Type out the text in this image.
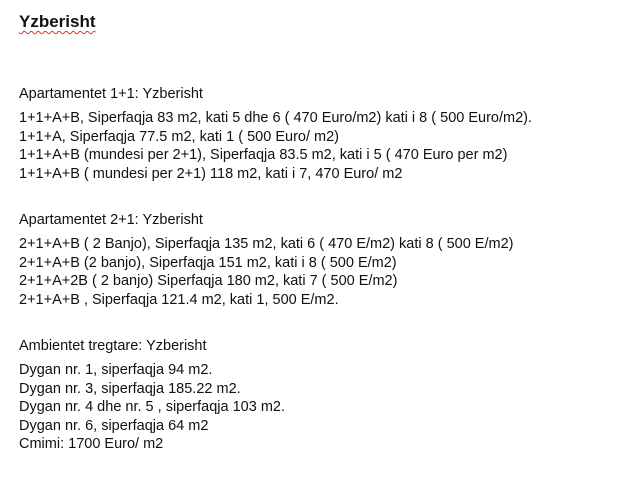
Yzberisht

Apartamentet 1+1: Yzberisht

1+1+A+B, Siperfaqja 83 m2, kati 5 dhe 6 ( 470 Euro/m2) kati i 8 ( 500 Euro/m2).

1+1+A, Siperfaqja 77.5 m2, kati 1 ( 500 Euro/ m2)

1+1+A+B (mundesi per 2+1), Siperfaqja 83.5 m2, kati i 5 ( 470 Euro per m2)

1+1+A+B ( mundesi per 2+1) 118 m2, kati i 7, 470 Euro/ m2

Apartamentet 2+1: Yzberisht

2+1+A+B ( 2 Banjo), Siperfaqja 135 m2, kati 6 ( 470 E/m2) kati 8 ( 500 E/m2)

2+1+A+B (2 banjo), Siperfaqja 151 m2, kati i 8 ( 500 E/m2)

2+1+A+2B ( 2 banjo) Siperfaqja 180 m2, kati 7 ( 500 E/m2)

2+1+A+B , Siperfaqja 121.4 m2, kati 1, 500 E/m2.

Ambientet tregtare: Yzberisht

Dygan nr. 1, siperfaqja 94 m2.

Dygan nr. 3, siperfaqja 185.22 m2.

Dygan nr. 4 dhe nr. 5 , siperfaqja 103 m2.

Dygan nr. 6, siperfaqja 64 m2

Cmimi: 1700 Euro/ m2
